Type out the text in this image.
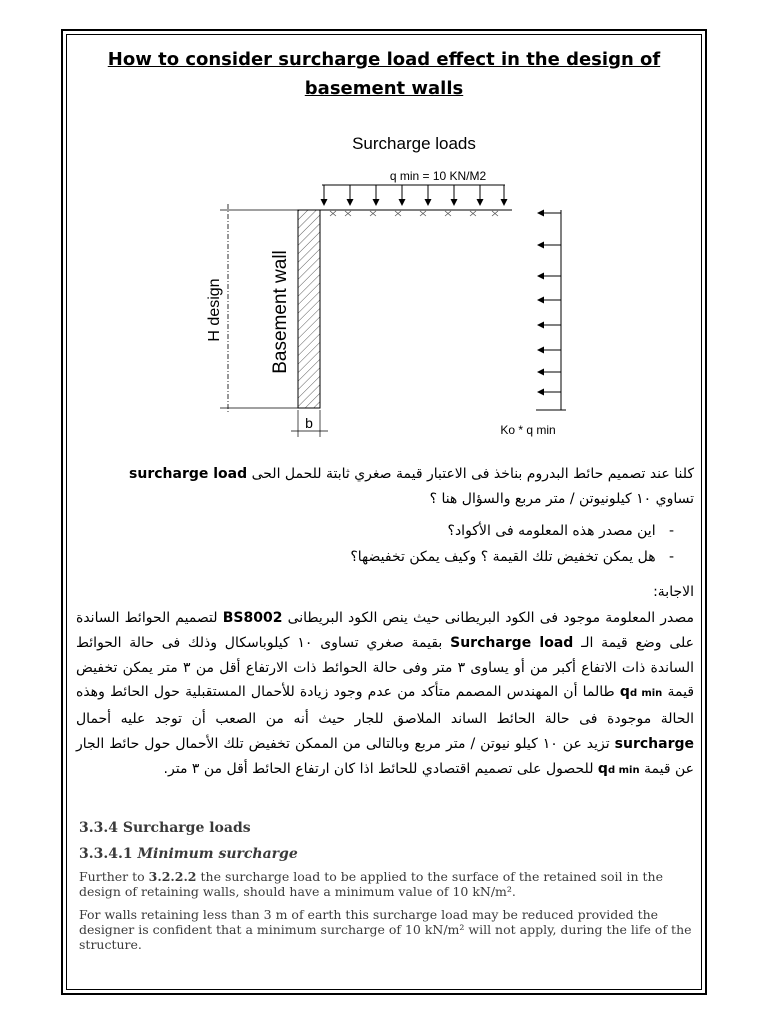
How to consider surcharge load effect in the design of basement walls
Surcharge loads
q min = 10 KN/M2
H design Basement wall
b	Ko * q min
كلنا عند تصميم حائط البدروم بناخذ فى الاعتبار قيمة صغري ثابتة للحمل الحى surcharge load
تساوي ١٠ كيلونيوتن / متر مربع والسؤال هنا ؟
-   اين مصدر هذه المعلومه فى الأكواد؟
-   هل يمكن تخفيض تلك القيمة ؟ وكيف يمكن تخفيضها؟
الاجابة:
مصدر المعلومة موجود فى الكود البريطانى حيث ينص الكود البريطانى BS8002 لتصميم الحوائط الساندة على وضع قيمة الـ Surcharge load بقيمة صغري تساوى ١٠ كيلوباسكال وذلك فى حالة الحوائط الساندة ذات الاتفاع أكبر من أو يساوى ٣ متر وفى حالة الحوائط ذات الارتفاع أقل من ٣ متر يمكن تخفيض قيمة qd min طالما أن المهندس المصمم متأكد من عدم وجود زيادة للأحمال المستقبلية حول الحائط وهذه الحالة موجودة فى حالة الحائط الساند الملاصق للجار حيث أنه من الصعب أن توجد عليه أحمال surcharge تزيد عن ١٠ كيلو نيوتن / متر مربع وبالتالى من الممكن تخفيض تلك الأحمال حول حائط الجار عن قيمة qd min للحصول على تصميم اقتصادي للحائط اذا كان ارتفاع الحائط أقل من ٣ متر.

3.3.4 Surcharge loads

3.3.4.1 Minimum surcharge

Further to 3.2.2.2 the surcharge load to be applied to the surface of the retained soil in the design of retaining walls, should have a minimum value of 10 kN/m².

For walls retaining less than 3 m of earth this surcharge load may be reduced provided the designer is confident that a minimum surcharge of 10 kN/m² will not apply, during the life of the structure.
